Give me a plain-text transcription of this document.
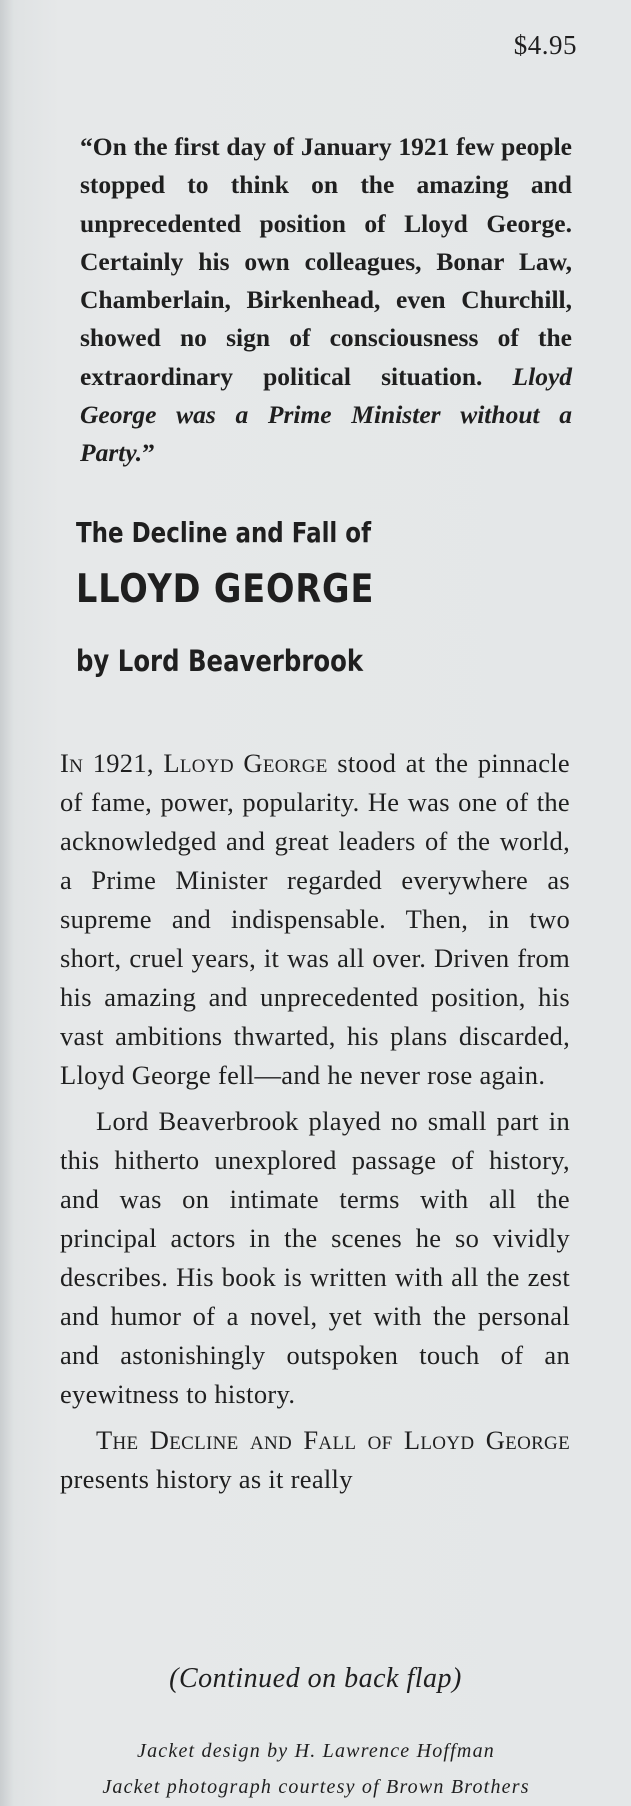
$4.95
“On the first day of January 1921 few people stopped to think on the amazing and unprecedented position of Lloyd George. Certainly his own colleagues, Bonar Law, Chamberlain, Birkenhead, even Churchill, showed no sign of consciousness of the extraordinary political situation. Lloyd George was a Prime Minister without a Party.”
The Decline and Fall of
LLOYD GEORGE
by Lord Beaverbrook

In 1921, Lloyd George stood at the pinnacle of fame, power, popularity. He was one of the acknowledged and great leaders of the world, a Prime Minister regarded everywhere as supreme and indispensable. Then, in two short, cruel years, it was all over. Driven from his amazing and unprecedented position, his vast ambitions thwarted, his plans discarded, Lloyd George fell—and he never rose again.

Lord Beaverbrook played no small part in this hitherto unexplored passage of history, and was on intimate terms with all the principal actors in the scenes he so vividly describes. His book is written with all the zest and humor of a novel, yet with the personal and astonishingly outspoken touch of an eyewitness to history.

The Decline and Fall of Lloyd George presents history as it really

(Continued on back flap)
Jacket design by H. Lawrence Hoffman
Jacket photograph courtesy of Brown Brothers
